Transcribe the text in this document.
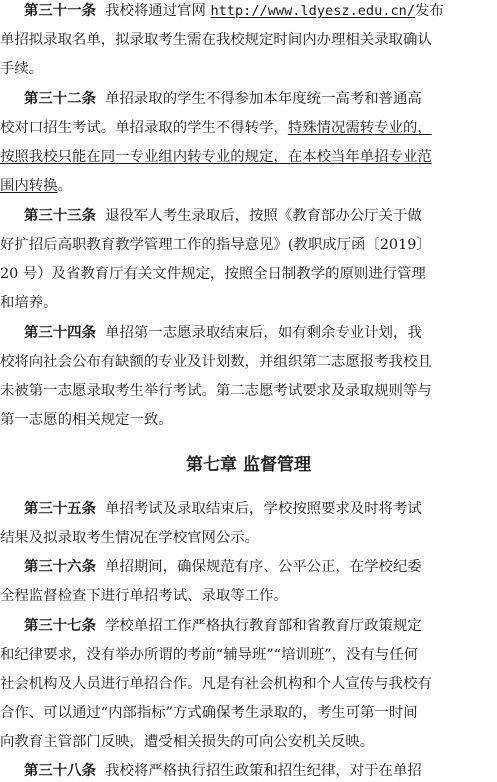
第三十一条 我校将通过官网 http://www.ldyesz.edu.cn/发布
单招拟录取名单，拟录取考生需在我校规定时间内办理相关录取确认
手续。
第三十二条 单招录取的学生不得参加本年度统一高考和普通高
校对口招生考试。单招录取的学生不得转学，特殊情况需转专业的，
按照我校只能在同一专业组内转专业的规定，在本校当年单招专业范
围内转换。
第三十三条 退役军人考生录取后，按照《教育部办公厅关于做
好扩招后高职教育教学管理工作的指导意见》(教职成厅函〔2019〕
20 号）及省教育厅有关文件规定，按照全日制教学的原则进行管理
和培养。
第三十四条 单招第一志愿录取结束后，如有剩余专业计划，我
校将向社会公布有缺额的专业及计划数，并组织第二志愿报考我校且
未被第一志愿录取考生举行考试。第二志愿考试要求及录取规则等与
第一志愿的相关规定一致。
第七章 监督管理
第三十五条 单招考试及录取结束后，学校按照要求及时将考试
结果及拟录取考生情况在学校官网公示。
第三十六条 单招期间，确保规范有序、公平公正，在学校纪委
全程监督检查下进行单招考试、录取等工作。
第三十七条 学校单招工作严格执行教育部和省教育厅政策规定
和纪律要求，没有举办所谓的考前“辅导班”“培训班”，没有与任何
社会机构及人员进行单招合作。凡是有社会机构和个人宣传与我校有
合作、可以通过“内部指标”方式确保考生录取的，考生可第一时间
向教育主管部门反映，遭受相关损失的可向公安机关反映。
第三十八条 我校将严格执行招生政策和招生纪律，对于在单招
